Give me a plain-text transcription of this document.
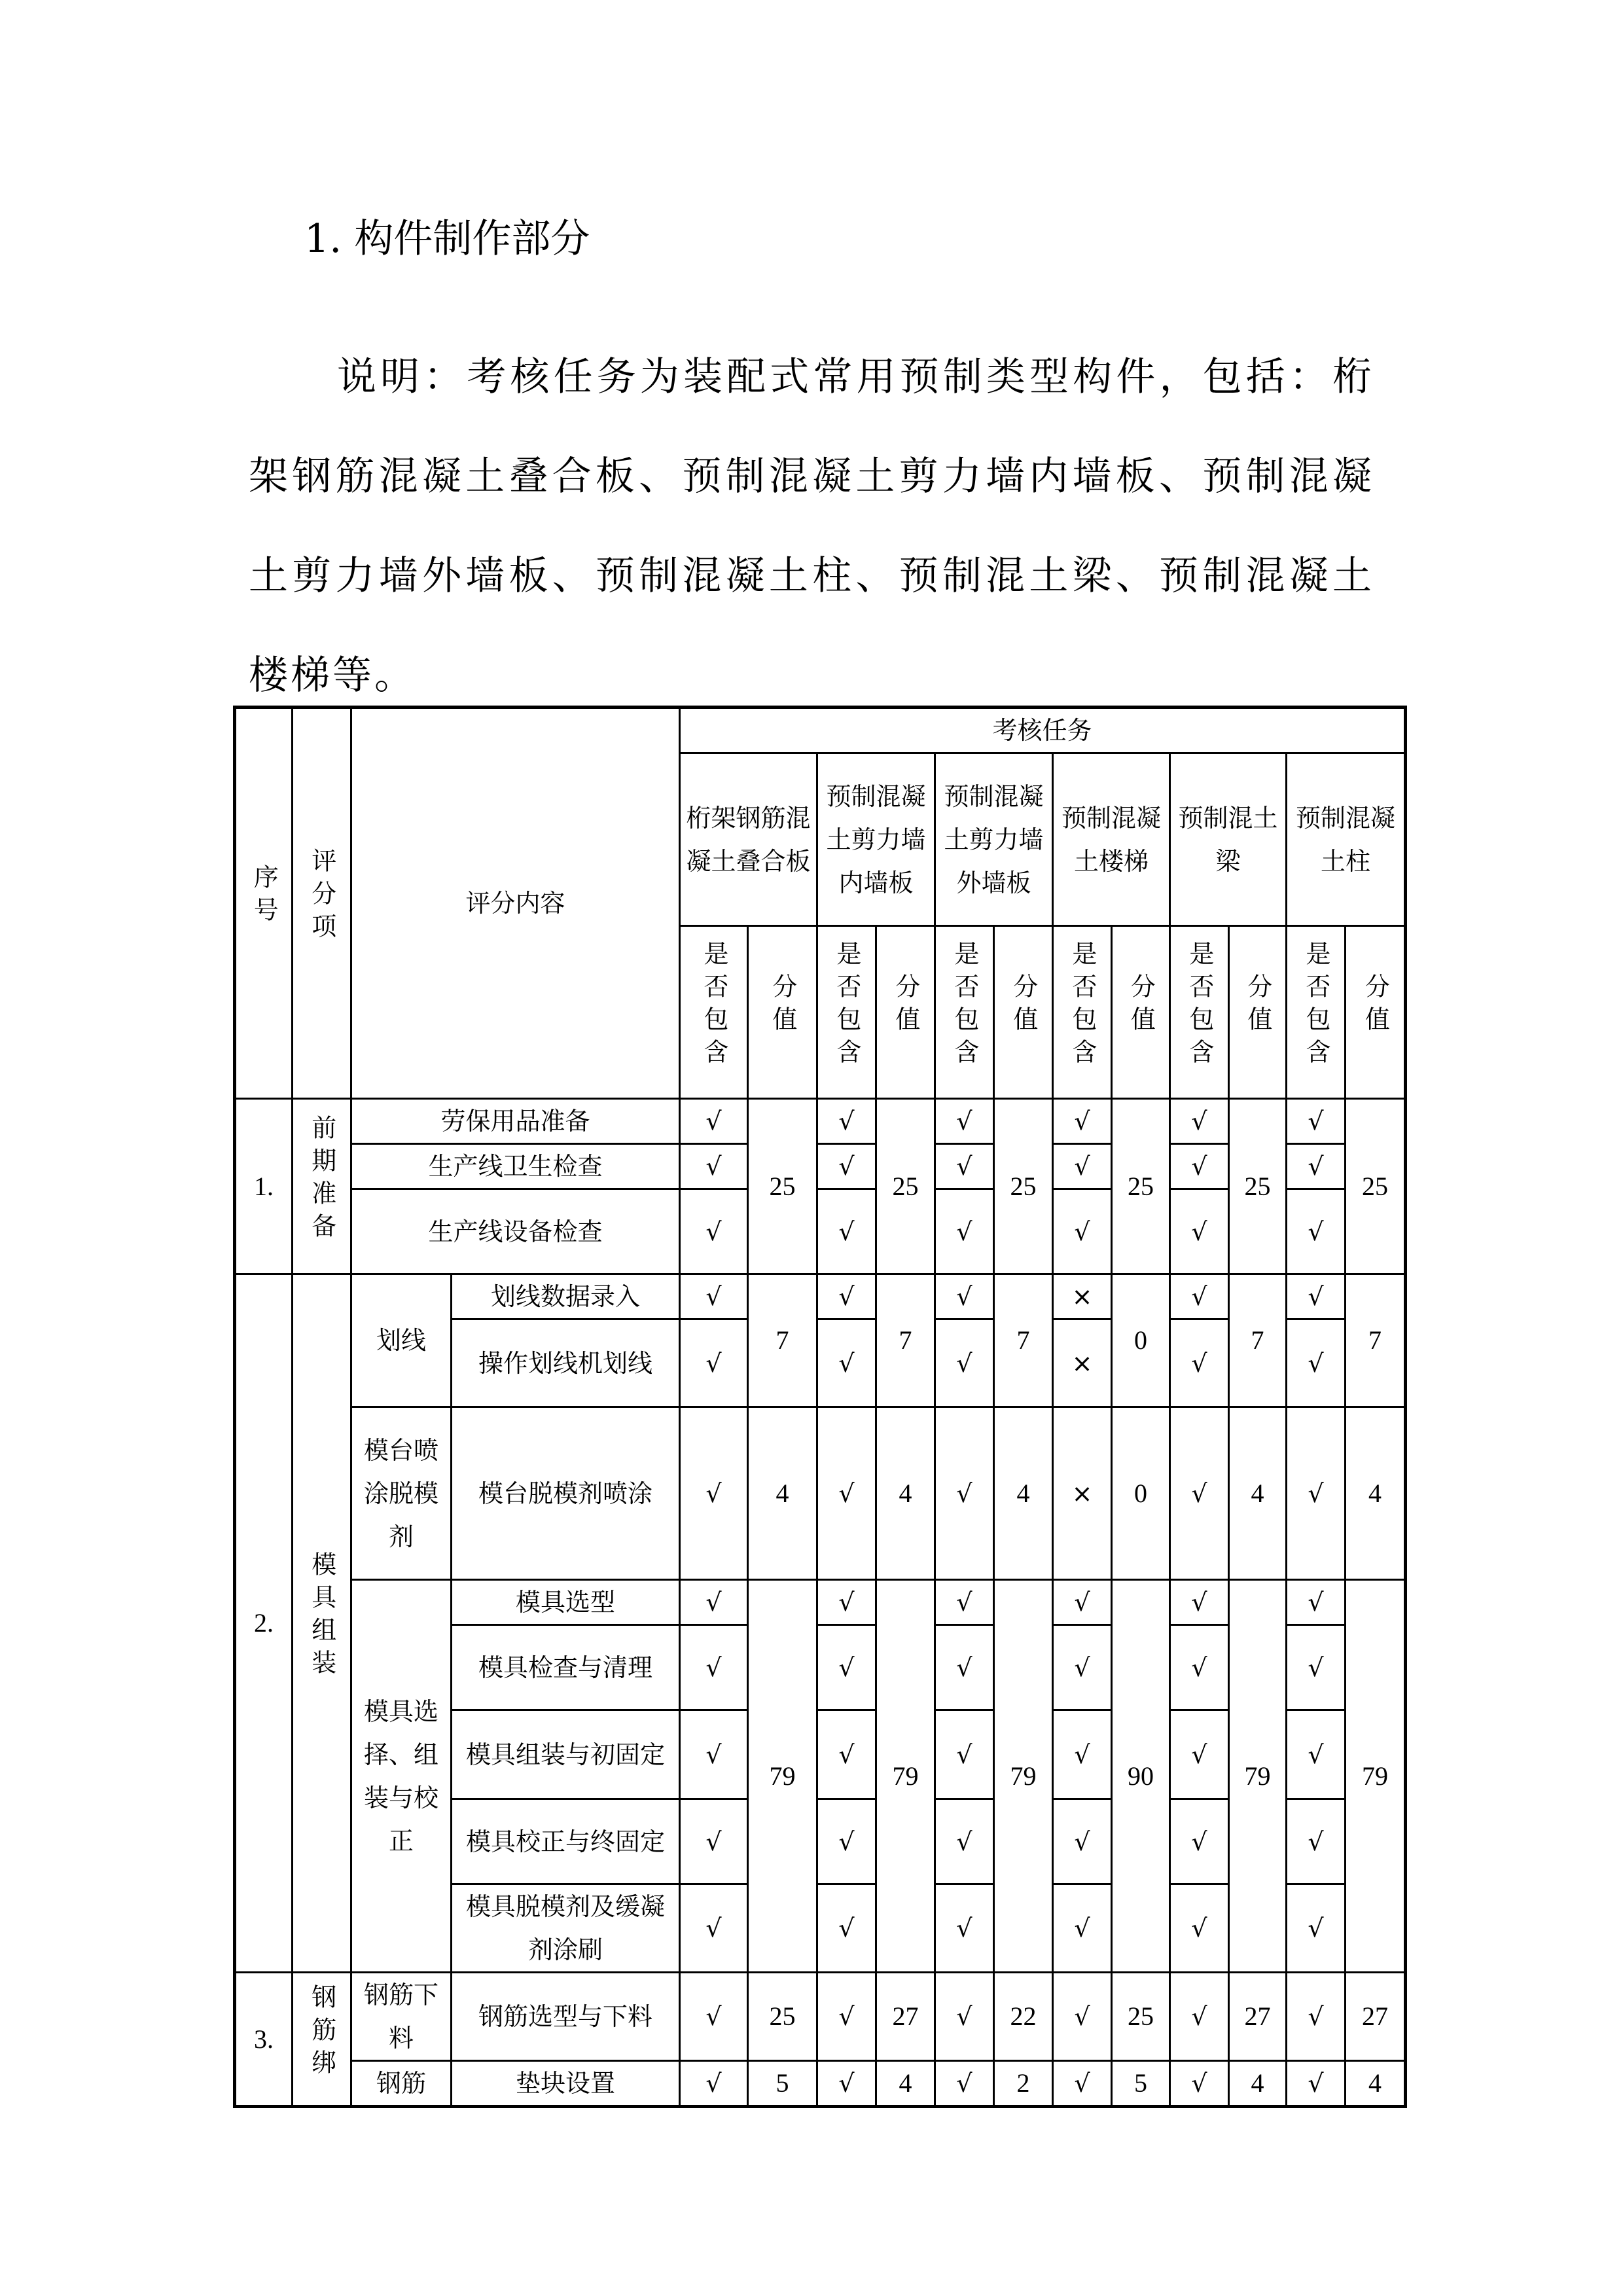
1. 构件制作部分
说明：考核任务为装配式常用预制类型构件，包括：桁架钢筋混凝土叠合板、预制混凝土剪力墙内墙板、预制混凝土剪力墙外墙板、预制混凝土柱、预制混土梁、预制混凝土楼梯等。
序号	评分项	评分内容		考核任务											
				桁架钢筋混凝土叠合板		预制混凝土剪力墙内墙板		预制混凝土剪力墙外墙板		预制混凝土楼梯		预制混土梁		预制混凝土柱	
				是否包含	分值	是否包含	分值	是否包含	分值	是否包含	分值	是否包含	分值	是否包含	分值
1.	前期准备	劳保用品准备		√	25	√	25	√	25	√	25	√	25	√	25
		生产线卫生检查		√		√		√		√		√		√	
		生产线设备检查		√		√		√		√		√		√	
2.	模具组装	划线	划线数据录入	√	7	√	7	√	7	×	0	√	7	√	7
			操作划线机划线	√		√		√		×		√		√	
		模台喷涂脱模剂	模台脱模剂喷涂	√	4	√	4	√	4	×	0	√	4	√	4
		模具选择、组装与校正	模具选型	√	79	√	79	√	79	√	90	√	79	√	79
			模具检查与清理	√		√		√		√		√		√	
			模具组装与初固定	√		√		√		√		√		√	
			模具校正与终固定	√		√		√		√		√		√	
			模具脱模剂及缓凝剂涂刷	√		√		√		√		√		√	
3.	钢筋绑	钢筋下料	钢筋选型与下料	√	25	√	27	√	22	√	25	√	27	√	27
		钢筋	垫块设置	√	5	√	4	√	2	√	5	√	4	√	4
